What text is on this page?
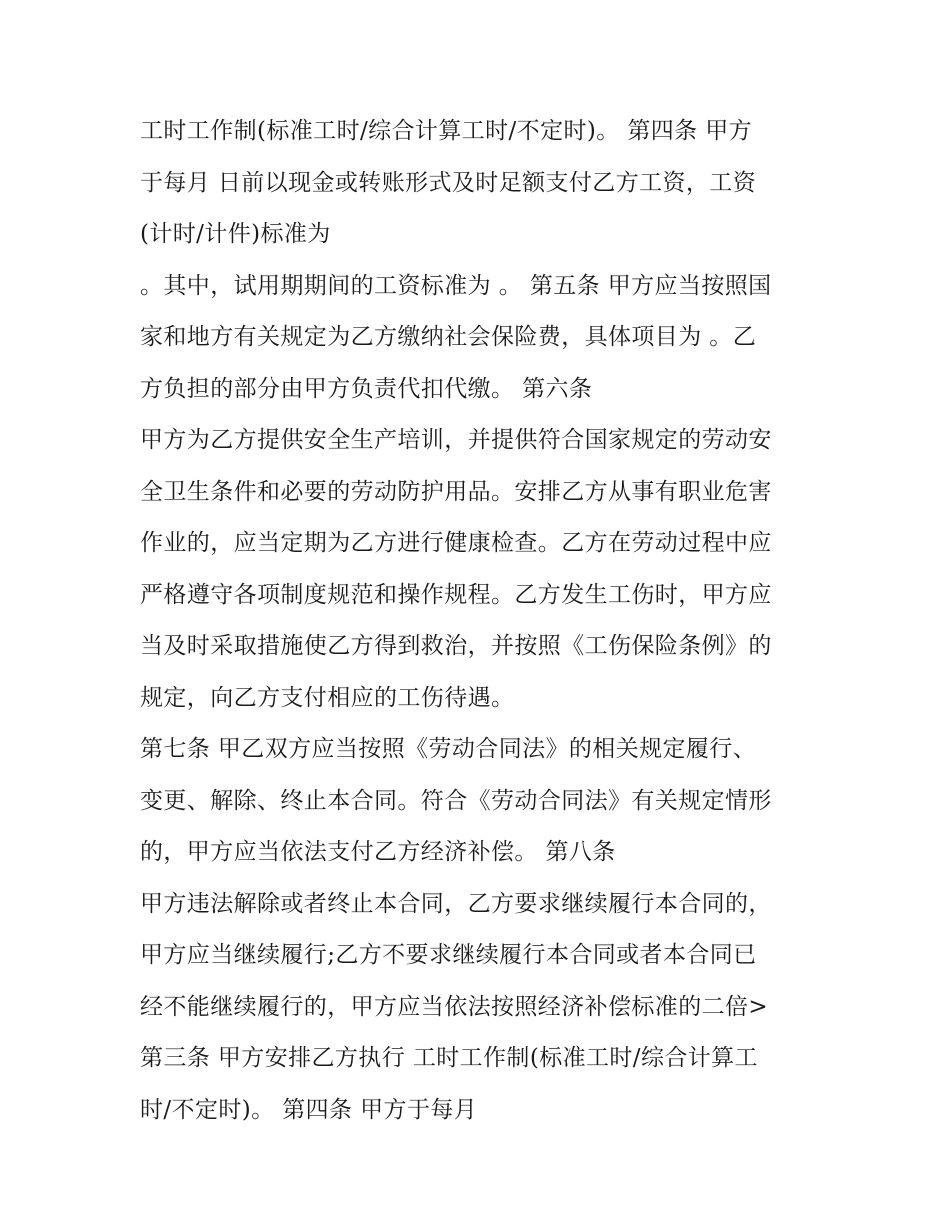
工时工作制(标准工时/综合计算工时/不定时)。 第四条 甲方
于每月 日前以现金或转账形式及时足额支付乙方工资，工资
(计时/计件)标准为
。其中，试用期期间的工资标准为 。 第五条 甲方应当按照国
家和地方有关规定为乙方缴纳社会保险费，具体项目为 。乙
方负担的部分由甲方负责代扣代缴。 第六条
甲方为乙方提供安全生产培训，并提供符合国家规定的劳动安
全卫生条件和必要的劳动防护用品。安排乙方从事有职业危害
作业的，应当定期为乙方进行健康检查。乙方在劳动过程中应
严格遵守各项制度规范和操作规程。乙方发生工伤时，甲方应
当及时采取措施使乙方得到救治，并按照《工伤保险条例》的
规定，向乙方支付相应的工伤待遇。
第七条 甲乙双方应当按照《劳动合同法》的相关规定履行、
变更、解除、终止本合同。符合《劳动合同法》有关规定情形
的，甲方应当依法支付乙方经济补偿。 第八条
甲方违法解除或者终止本合同，乙方要求继续履行本合同的，
甲方应当继续履行;乙方不要求继续履行本合同或者本合同已
经不能继续履行的，甲方应当依法按照经济补偿标准的二倍>
第三条 甲方安排乙方执行 工时工作制(标准工时/综合计算工
时/不定时)。 第四条 甲方于每月
